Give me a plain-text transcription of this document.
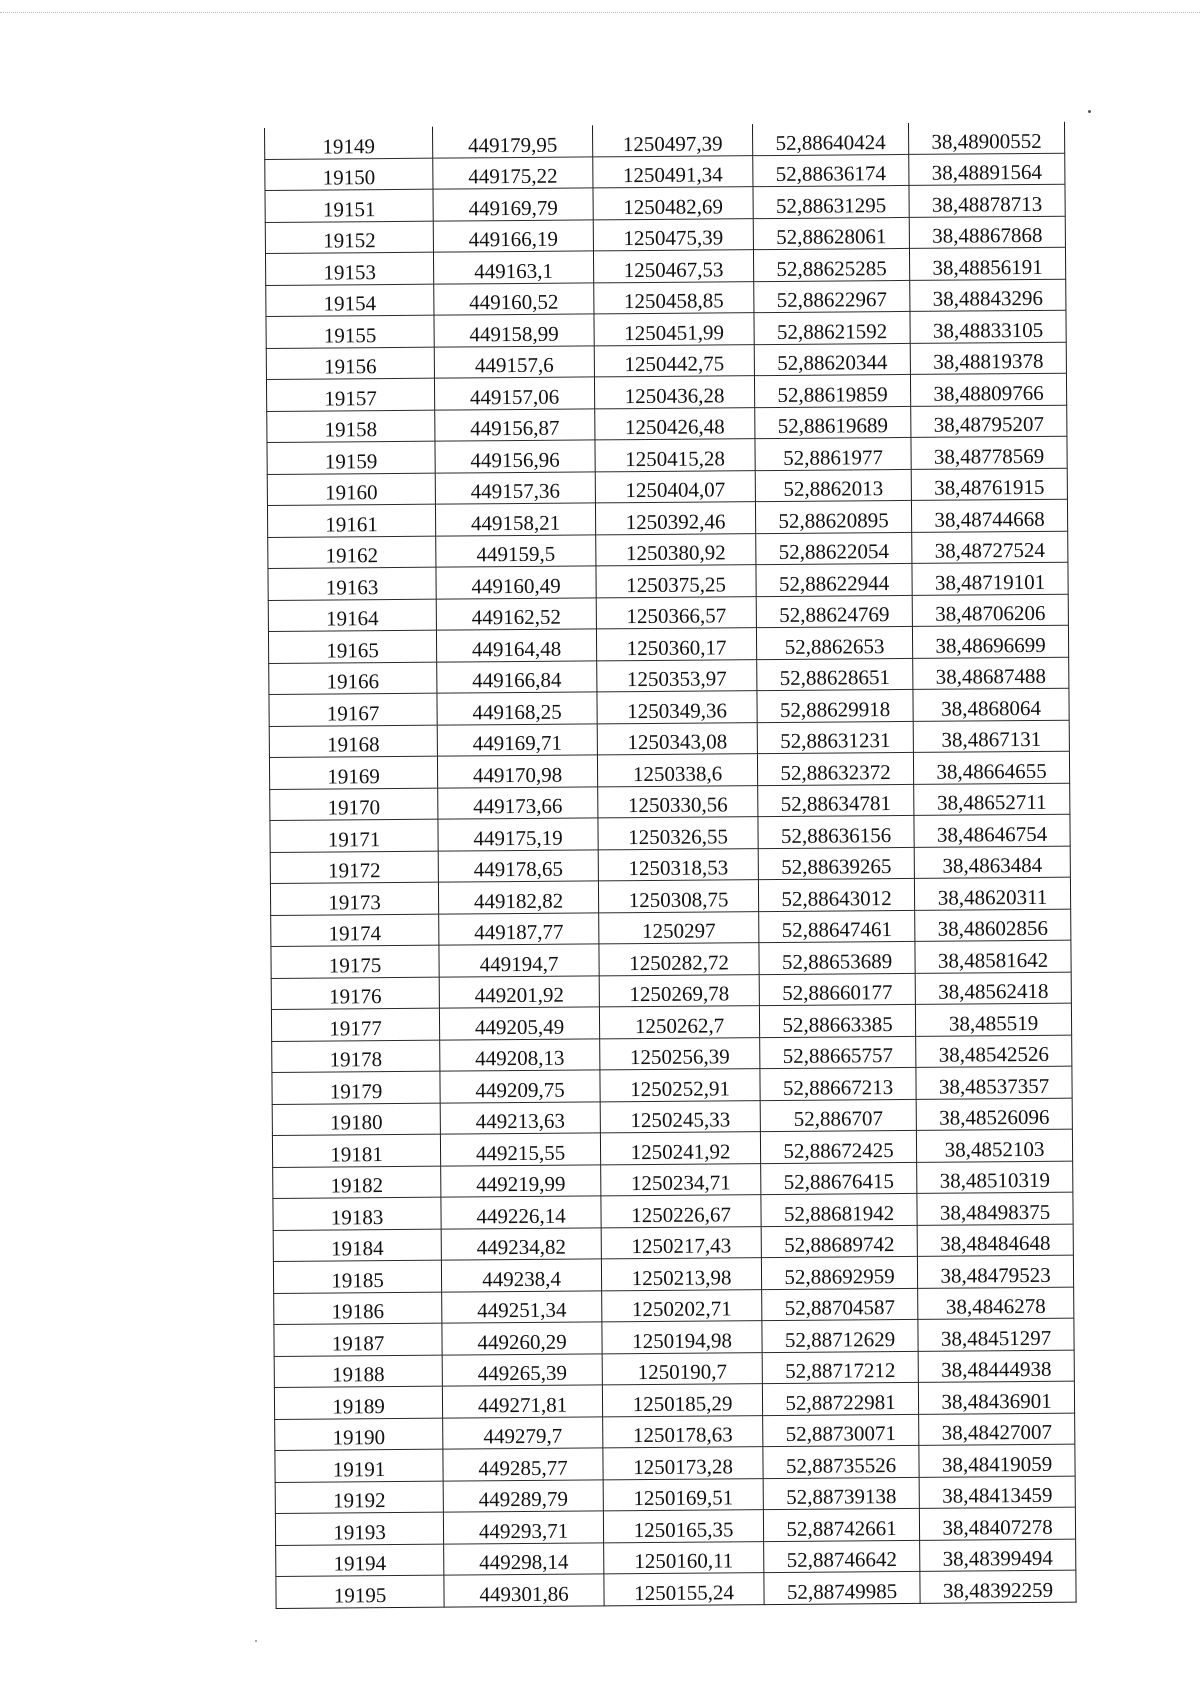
19149	449179,95	1250497,39	52,88640424	38,48900552
19150	449175,22	1250491,34	52,88636174	38,48891564
19151	449169,79	1250482,69	52,88631295	38,48878713
19152	449166,19	1250475,39	52,88628061	38,48867868
19153	449163,1	1250467,53	52,88625285	38,48856191
19154	449160,52	1250458,85	52,88622967	38,48843296
19155	449158,99	1250451,99	52,88621592	38,48833105
19156	449157,6	1250442,75	52,88620344	38,48819378
19157	449157,06	1250436,28	52,88619859	38,48809766
19158	449156,87	1250426,48	52,88619689	38,48795207
19159	449156,96	1250415,28	52,8861977	38,48778569
19160	449157,36	1250404,07	52,8862013	38,48761915
19161	449158,21	1250392,46	52,88620895	38,48744668
19162	449159,5	1250380,92	52,88622054	38,48727524
19163	449160,49	1250375,25	52,88622944	38,48719101
19164	449162,52	1250366,57	52,88624769	38,48706206
19165	449164,48	1250360,17	52,8862653	38,48696699
19166	449166,84	1250353,97	52,88628651	38,48687488
19167	449168,25	1250349,36	52,88629918	38,4868064
19168	449169,71	1250343,08	52,88631231	38,4867131
19169	449170,98	1250338,6	52,88632372	38,48664655
19170	449173,66	1250330,56	52,88634781	38,48652711
19171	449175,19	1250326,55	52,88636156	38,48646754
19172	449178,65	1250318,53	52,88639265	38,4863484
19173	449182,82	1250308,75	52,88643012	38,48620311
19174	449187,77	1250297	52,88647461	38,48602856
19175	449194,7	1250282,72	52,88653689	38,48581642
19176	449201,92	1250269,78	52,88660177	38,48562418
19177	449205,49	1250262,7	52,88663385	38,485519
19178	449208,13	1250256,39	52,88665757	38,48542526
19179	449209,75	1250252,91	52,88667213	38,48537357
19180	449213,63	1250245,33	52,886707	38,48526096
19181	449215,55	1250241,92	52,88672425	38,4852103
19182	449219,99	1250234,71	52,88676415	38,48510319
19183	449226,14	1250226,67	52,88681942	38,48498375
19184	449234,82	1250217,43	52,88689742	38,48484648
19185	449238,4	1250213,98	52,88692959	38,48479523
19186	449251,34	1250202,71	52,88704587	38,4846278
19187	449260,29	1250194,98	52,88712629	38,48451297
19188	449265,39	1250190,7	52,88717212	38,48444938
19189	449271,81	1250185,29	52,88722981	38,48436901
19190	449279,7	1250178,63	52,88730071	38,48427007
19191	449285,77	1250173,28	52,88735526	38,48419059
19192	449289,79	1250169,51	52,88739138	38,48413459
19193	449293,71	1250165,35	52,88742661	38,48407278
19194	449298,14	1250160,11	52,88746642	38,48399494
19195	449301,86	1250155,24	52,88749985	38,48392259
